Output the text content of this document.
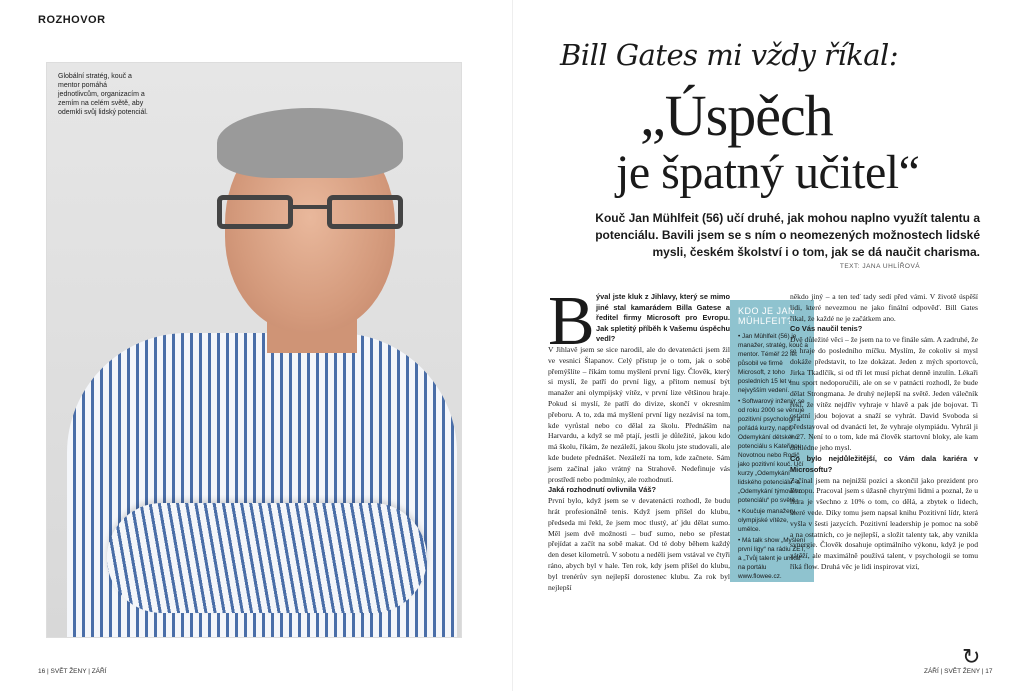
ROZHOVOR
Globální stratég, kouč a mentor pomáhá jednotlivcům, organizacím a zemím na celém světě, aby odemkli svůj lidský potenciál.
Bill Gates mi vždy říkal:
„Úspěch
je špatný učitel“
Kouč Jan Mühlfeit (56) učí druhé, jak mohou naplno využít talentu a potenciálu. Bavili jsem se s ním o neomezených možnostech lidské mysli, českém školství i o tom, jak se dá naučit charisma.
TEXT: JANA UHLÍŘOVÁ
B ýval jste kluk z Jihlavy, který se mimo jiné stal kamarádem Billa Gatese a ředitel firmy Microsoft pro Evropu. Jak spletitý příběh k Vašemu úspěchu vedl?

V Jihlavě jsem se sice narodil, ale do devatenácti jsem žil ve vesnici Šlapanov. Celý přístup je o tom, jak o sobě přemýšlíte – říkám tomu myšlení první ligy. Člověk, který si myslí, že patří do první ligy, a přitom nemusí být manažer ani olympijský vítěz, v první lize většinou hraje. Pokud si myslí, že patří do divize, skončí v okresním přeboru. A to, zda má myšlení první ligy nezávisí na tom, kde vyrůstal nebo co dělal za školu. Přednáším na Harvardu, a když se mě ptají, jestli je důležité, jakou kdo má školu, říkám, že nezáleží, jakou školu jste studovali, ale kde budete přednášet. Nezáleží na tom, kde začnete. Sám jsem začínal jako vrátný na Strahově. Nedefinuje vás prostředí nebo podmínky, ale rozhodnutí.

Jaká rozhodnutí ovlivnila Váš?

První bylo, když jsem se v devatenácti rozhodl, že budu hrát profesionálně tenis. Když jsem přišel do klubu, předseda mi řekl, že jsem moc tlustý, ať jdu dělat sumo. Měl jsem dvě možnosti – buď sumo, nebo se přestat přejídat a začít na sobě makat. Od té doby během každý den deset kilometrů. V sobotu a neděli jsem vstával ve čtyři ráno, abych byl v hale. Ten rok, kdy jsem přišel do klubu, byl trenérův syn nejlepší dorostenec klubu. Za rok byl nejlepší

KDO JE JAN MÜHLFEIT?

• Jan Mühlfeit (56) je manažer, stratég, kouč a mentor. Téměř 22 let působil ve firmě Microsoft, z toho posledních 15 let v nejvyšším vedení.

• Softwarový inženýr se od roku 2000 se věnuje pozitivní psychologii a pořádá kurzy, např. Odemykání dětského potenciálu s Kateřinou Novotnou nebo Rodič jako pozitivní kouč. Učí kurzy „Odemykání lidského potenciálu“ a „Odemykání týmového potenciálu“ po světě.

• Koučuje manažery, olympijské vítěze, umělce.

• Má talk show „Myšlení první ligy“ na rádiu ZET, a „Tvůj talent je unikát“ na portálu www.flowee.cz.

někdo jiný – a ten teď tady sedí před vámi. V životě úspěší lidi, které nevezmou ne jako finální odpověď. Bill Gates říkal, že každé ne je začátkem ano.

Co Vás naučil tenis?

Dvě důležité věci – že jsem na to ve finále sám. A zadruhé, že se hraje do posledního míčku. Myslím, že cokoliv si mysl dokáže představit, to lze dokázat. Jeden z mých sportovců, Jirka Tkadlčík, si od tří let musí píchat denně inzulín. Lékaři mu sport nedoporučili, ale on se v patnácti rozhodl, že bude dělat Strongmana. Je druhý nejlepší na světě. Jeden válečník řekl, že vítěz nejdřív vyhraje v hlavě a pak jde bojovat. Ti ostatní jdou bojovat a snaží se vyhrát. David Svoboda si představoval od dvanácti let, že vyhraje olympiádu. Vyhrál ji v 27. Není to o tom, kde má člověk startovní bloky, ale kam dohlédne jeho mysl.

Co bylo nejdůležitější, co Vám dala kariéra v Microsoftu?

Začínal jsem na nejnižší pozici a skončil jako prezident pro Evropu. Pracoval jsem s úžasně chytrými lidmi a poznal, že u lídra je všechno z 10% o tom, co dělá, a zbytek o lidech, které vede. Díky tomu jsem napsal knihu Pozitivní lídr, která vyšla v šesti jazycích. Pozitivní leadership je pomoc na sobě a na ostatních, co je nejlepší, a složit talenty tak, aby vznikla synergie. Člověk dosahuje optimálního výkonu, když je pod zátěží, ale maximálně používá talent, v psychologii se tomu říká flow. Druhá věc je lidi inspirovat vizí,

↻
16 | SVĚT ŽENY | ZÁŘÍ	ZÁŘÍ | SVĚT ŽENY | 17
